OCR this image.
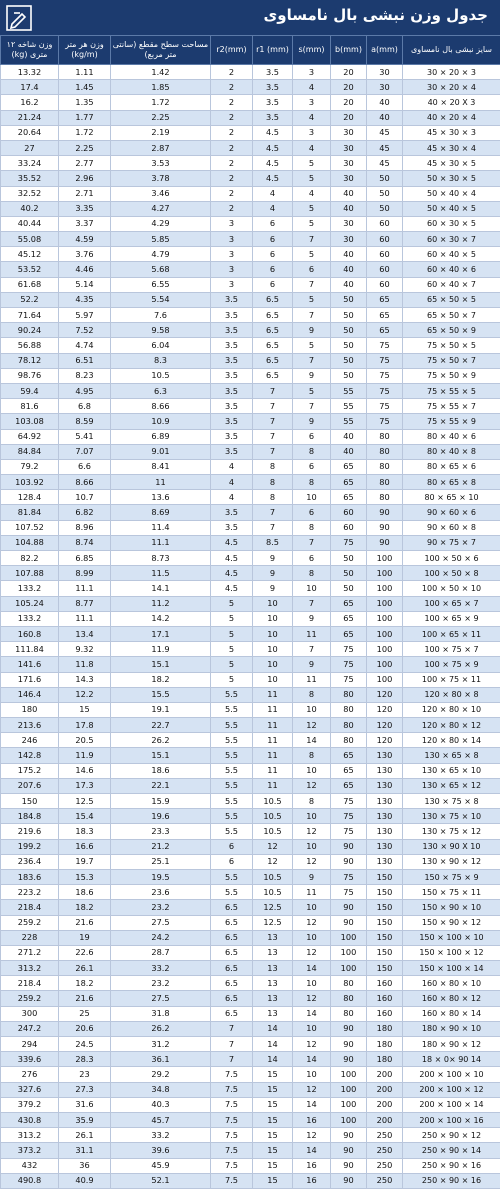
جدول وزن نبشی بال نامساوی
وزن شاخه ۱۲ متری (kg)	وزن هر متر (kg/m)	مساحت سطح مقطع (سانتی متر مربع)	r2(mm)	r1 (mm)	s(mm)	b(mm)	a(mm)	سایز نبشی بال نامساوی
13.32	1.11	1.42	2	3.5	3	20	30	30 × 20 × 3
17.4	1.45	1.85	2	3.5	4	20	30	30 × 20 × 4
16.2	1.35	1.72	2	3.5	3	20	40	40 × 20 X 3
21.24	1.77	2.25	2	3.5	4	20	40	40 × 20 × 4
20.64	1.72	2.19	2	4.5	3	30	45	45 × 30 × 3
27	2.25	2.87	2	4.5	4	30	45	45 × 30 × 4
33.24	2.77	3.53	2	4.5	5	30	45	45 × 30 × 5
35.52	2.96	3.78	2	4.5	5	30	50	50 × 30 × 5
32.52	2.71	3.46	2	4	4	40	50	50 × 40 × 4
40.2	3.35	4.27	2	4	5	40	50	50 × 40 × 5
40.44	3.37	4.29	3	6	5	30	60	60 × 30 × 5
55.08	4.59	5.85	3	6	7	30	60	60 × 30 × 7
45.12	3.76	4.79	3	6	5	40	60	60 × 40 × 5
53.52	4.46	5.68	3	6	6	40	60	60 × 40 × 6
61.68	5.14	6.55	3	6	7	40	60	60 × 40 × 7
52.2	4.35	5.54	3.5	6.5	5	50	65	65 × 50 × 5
71.64	5.97	7.6	3.5	6.5	7	50	65	65 × 50 × 7
90.24	7.52	9.58	3.5	6.5	9	50	65	65 × 50 × 9
56.88	4.74	6.04	3.5	6.5	5	50	75	75 × 50 × 5
78.12	6.51	8.3	3.5	6.5	7	50	75	75 × 50 × 7
98.76	8.23	10.5	3.5	6.5	9	50	75	75 × 50 × 9
59.4	4.95	6.3	3.5	7	5	55	75	75 × 55 × 5
81.6	6.8	8.66	3.5	7	7	55	75	75 × 55 × 7
103.08	8.59	10.9	3.5	7	9	55	75	75 × 55 × 9
64.92	5.41	6.89	3.5	7	6	40	80	80 × 40 × 6
84.84	7.07	9.01	3.5	7	8	40	80	80 × 40 × 8
79.2	6.6	8.41	4	8	6	65	80	80 × 65 × 6
103.92	8.66	11	4	8	8	65	80	80 × 65 × 8
128.4	10.7	13.6	4	8	10	65	80	80 × 65 × 10
81.84	6.82	8.69	3.5	7	6	60	90	90 × 60 × 6
107.52	8.96	11.4	3.5	7	8	60	90	90 × 60 × 8
104.88	8.74	11.1	4.5	8.5	7	75	90	90 × 75 × 7
82.2	6.85	8.73	4.5	9	6	50	100	100 × 50 × 6
107.88	8.99	11.5	4.5	9	8	50	100	100 × 50 × 8
133.2	11.1	14.1	4.5	9	10	50	100	100 × 50 × 10
105.24	8.77	11.2	5	10	7	65	100	100 × 65 × 7
133.2	11.1	14.2	5	10	9	65	100	100 × 65 × 9
160.8	13.4	17.1	5	10	11	65	100	100 × 65 × 11
111.84	9.32	11.9	5	10	7	75	100	100 × 75 × 7
141.6	11.8	15.1	5	10	9	75	100	100 × 75 × 9
171.6	14.3	18.2	5	10	11	75	100	100 × 75 × 11
146.4	12.2	15.5	5.5	11	8	80	120	120 × 80 × 8
180	15	19.1	5.5	11	10	80	120	120 × 80 × 10
213.6	17.8	22.7	5.5	11	12	80	120	120 × 80 × 12
246	20.5	26.2	5.5	11	14	80	120	120 × 80 × 14
142.8	11.9	15.1	5.5	11	8	65	130	130 × 65 × 8
175.2	14.6	18.6	5.5	11	10	65	130	130 × 65 × 10
207.6	17.3	22.1	5.5	11	12	65	130	130 × 65 × 12
150	12.5	15.9	5.5	10.5	8	75	130	130 × 75 × 8
184.8	15.4	19.6	5.5	10.5	10	75	130	130 × 75 × 10
219.6	18.3	23.3	5.5	10.5	12	75	130	130 × 75 × 12
199.2	16.6	21.2	6	12	10	90	130	130 × 90 X 10
236.4	19.7	25.1	6	12	12	90	130	130 × 90 × 12
183.6	15.3	19.5	5.5	10.5	9	75	150	150 × 75 × 9
223.2	18.6	23.6	5.5	10.5	11	75	150	150 × 75 × 11
218.4	18.2	23.2	6.5	12.5	10	90	150	150 × 90 × 10
259.2	21.6	27.5	6.5	12.5	12	90	150	150 × 90 × 12
228	19	24.2	6.5	13	10	100	150	150 × 100 × 10
271.2	22.6	28.7	6.5	13	12	100	150	150 × 100 × 12
313.2	26.1	33.2	6.5	13	14	100	150	150 × 100 × 14
218.4	18.2	23.2	6.5	13	10	80	160	160 × 80 × 10
259.2	21.6	27.5	6.5	13	12	80	160	160 × 80 × 12
300	25	31.8	6.5	13	14	80	160	160 × 80 × 14
247.2	20.6	26.2	7	14	10	90	180	180 × 90 × 10
294	24.5	31.2	7	14	12	90	180	180 × 90 × 12
339.6	28.3	36.1	7	14	14	90	180	18 × 0× 90 14
276	23	29.2	7.5	15	10	100	200	200 × 100 × 10
327.6	27.3	34.8	7.5	15	12	100	200	200 × 100 × 12
379.2	31.6	40.3	7.5	15	14	100	200	200 × 100 × 14
430.8	35.9	45.7	7.5	15	16	100	200	200 × 100 × 16
313.2	26.1	33.2	7.5	15	12	90	250	250 × 90 × 12
373.2	31.1	39.6	7.5	15	14	90	250	250 × 90 × 14
432	36	45.9	7.5	15	16	90	250	250 × 90 × 16
490.8	40.9	52.1	7.5	15	16	90	250	250 × 90 × 16
